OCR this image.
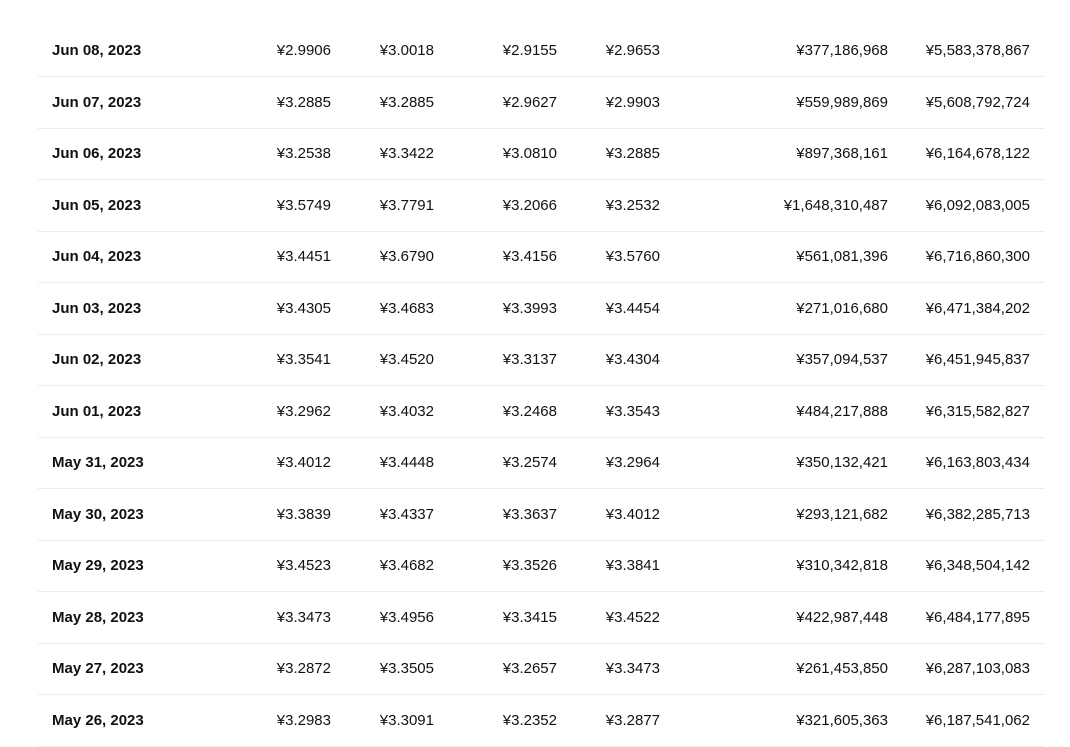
Jun 08, 2023	¥2.9906	¥3.0018	¥2.9155	¥2.9653	¥377,186,968	¥5,583,378,867
Jun 07, 2023	¥3.2885	¥3.2885	¥2.9627	¥2.9903	¥559,989,869	¥5,608,792,724
Jun 06, 2023	¥3.2538	¥3.3422	¥3.0810	¥3.2885	¥897,368,161	¥6,164,678,122
Jun 05, 2023	¥3.5749	¥3.7791	¥3.2066	¥3.2532	¥1,648,310,487	¥6,092,083,005
Jun 04, 2023	¥3.4451	¥3.6790	¥3.4156	¥3.5760	¥561,081,396	¥6,716,860,300
Jun 03, 2023	¥3.4305	¥3.4683	¥3.3993	¥3.4454	¥271,016,680	¥6,471,384,202
Jun 02, 2023	¥3.3541	¥3.4520	¥3.3137	¥3.4304	¥357,094,537	¥6,451,945,837
Jun 01, 2023	¥3.2962	¥3.4032	¥3.2468	¥3.3543	¥484,217,888	¥6,315,582,827
May 31, 2023	¥3.4012	¥3.4448	¥3.2574	¥3.2964	¥350,132,421	¥6,163,803,434
May 30, 2023	¥3.3839	¥3.4337	¥3.3637	¥3.4012	¥293,121,682	¥6,382,285,713
May 29, 2023	¥3.4523	¥3.4682	¥3.3526	¥3.3841	¥310,342,818	¥6,348,504,142
May 28, 2023	¥3.3473	¥3.4956	¥3.3415	¥3.4522	¥422,987,448	¥6,484,177,895
May 27, 2023	¥3.2872	¥3.3505	¥3.2657	¥3.3473	¥261,453,850	¥6,287,103,083
May 26, 2023	¥3.2983	¥3.3091	¥3.2352	¥3.2877	¥321,605,363	¥6,187,541,062
